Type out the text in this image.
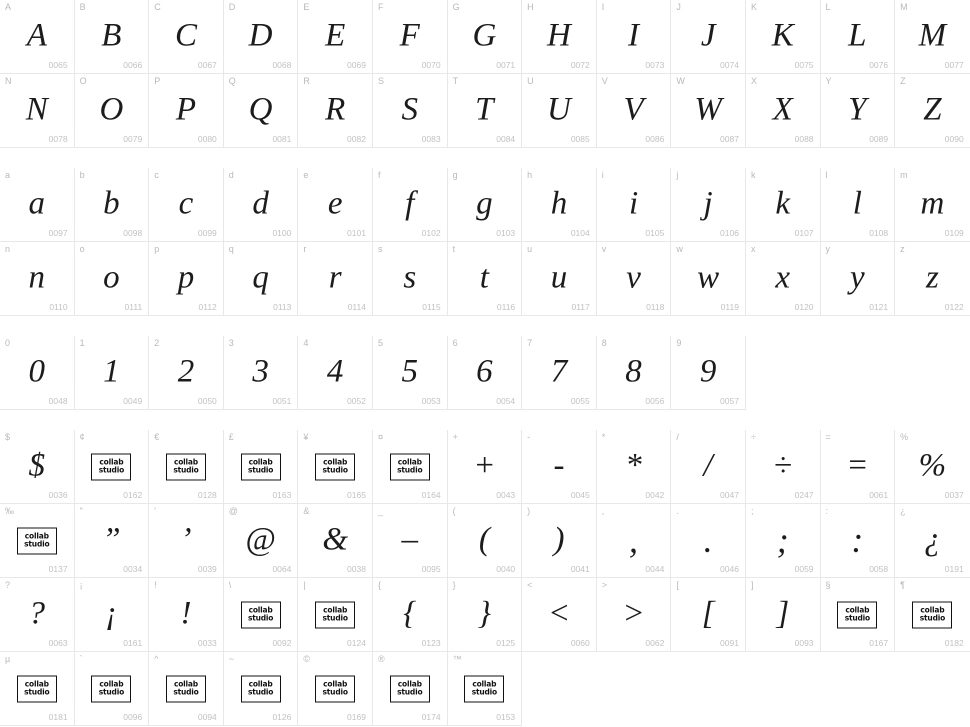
A
A
0065
B
B
0066
C
C
0067
D
D
0068
E
E
0069
F
F
0070
G
G
0071
H
H
0072
I
I
0073
J
J
0074
K
K
0075
L
L
0076
M
M
0077
N
N
0078
O
O
0079
P
P
0080
Q
Q
0081
R
R
0082
S
S
0083
T
T
0084
U
U
0085
V
V
0086
W
W
0087
X
X
0088
Y
Y
0089
Z
Z
0090
a
a
0097
b
b
0098
c
c
0099
d
d
0100
e
e
0101
f
f
0102
g
g
0103
h
h
0104
i
i
0105
j
j
0106
k
k
0107
l
l
0108
m
m
0109
n
n
0110
o
o
0111
p
p
0112
q
q
0113
r
r
0114
s
s
0115
t
t
0116
u
u
0117
v
v
0118
w
w
0119
x
x
0120
y
y
0121
z
z
0122
0
0
0048
1
1
0049
2
2
0050
3
3
0051
4
4
0052
5
5
0053
6
6
0054
7
7
0055
8
8
0056
9
9
0057
$
$
0036
¢
collab
studio
0162
€
collab
studio
0128
£
collab
studio
0163
¥
collab
studio
0165
¤
collab
studio
0164
+
+
0043
-
-
0045
*
*
0042
/
/
0047
÷
÷
0247
=
=
0061
%
%
0037
‰
collab
studio
0137
"
”
0034
'
’
0039
@
@
0064
&
&
0038
_
–
0095
(
(
0040
)
)
0041
,
,
0044
.
.
0046
;
;
0059
:
:
0058
¿
¿
0191
?
?
0063
¡
¡
0161
!
!
0033
\
collab
studio
0092
|
collab
studio
0124
{
{
0123
}
}
0125
<
<
0060
>
>
0062
[
[
0091
]
]
0093
§
collab
studio
0167
¶
collab
studio
0182
µ
collab
studio
0181
`
collab
studio
0096
^
collab
studio
0094
~
collab
studio
0126
©
collab
studio
0169
®
collab
studio
0174
™
collab
studio
0153
